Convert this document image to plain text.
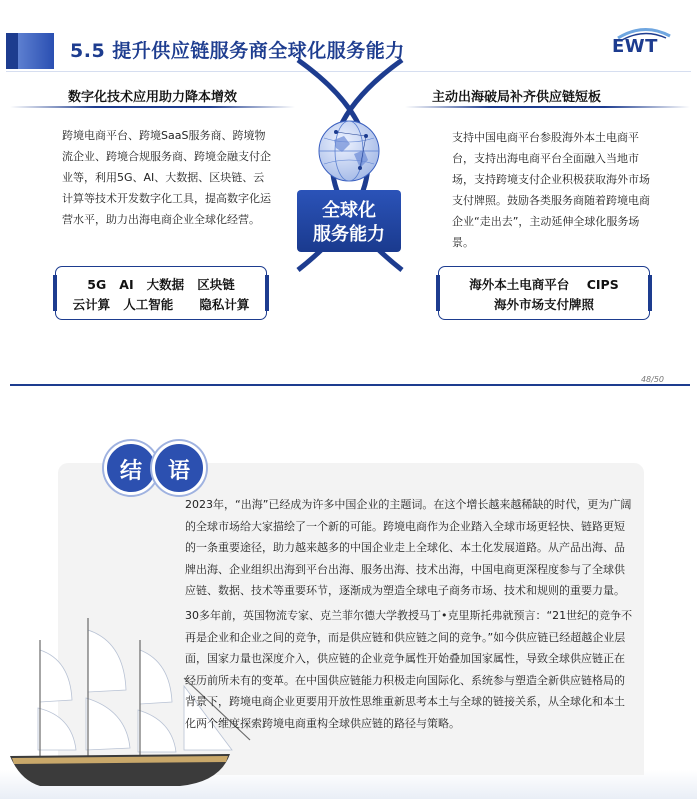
5.5 提升供应链服务商全球化服务能力	EWT
数字化技术应用助力降本增效
跨境电商平台、跨境SaaS服务商、跨境物流企业、跨境合规服务商、跨境金融支付企业等，利用5G、AI、大数据、区块链、云计算等技术开发数字化工具，提高数字化运营水平，助力出海电商企业全球化经营。
5G   AI   大数据   区块链
云计算   人工智能      隐私计算
主动出海破局补齐供应链短板
支持中国电商平台参股海外本土电商平台，支持出海电商平台全面融入当地市场，支持跨境支付企业积极获取海外市场支付牌照。鼓励各类服务商随着跨境电商企业“走出去”，主动延伸全球化服务场景。
海外本土电商平台    CIPS
海外市场支付牌照
全球化
服务能力
48/50
结	语
2023年，“出海”已经成为许多中国企业的主题词。在这个增长越来越稀缺的时代，更为广阔的全球市场给大家描绘了一个新的可能。跨境电商作为企业踏入全球市场更轻快、链路更短的一条重要途径，助力越来越多的中国企业走上全球化、本土化发展道路。从产品出海、品牌出海、企业组织出海到平台出海、服务出海、技术出海，中国电商更深程度参与了全球供应链、数据、技术等重要环节，逐渐成为塑造全球电子商务市场、技术和规则的重要力量。
30多年前，英国物流专家、克兰菲尔德大学教授马丁•克里斯托弗就预言：“21世纪的竞争不再是企业和企业之间的竞争，而是供应链和供应链之间的竞争。”如今供应链已经超越企业层面，国家力量也深度介入，供应链的企业竞争属性开始叠加国家属性，导致全球供应链正在经历前所未有的变革。在中国供应链能力积极走向国际化、系统参与塑造全新供应链格局的背景下，跨境电商企业更要用开放性思维重新思考本土与全球的链接关系，从全球化和本土化两个维度探索跨境电商重构全球供应链的路径与策略。
